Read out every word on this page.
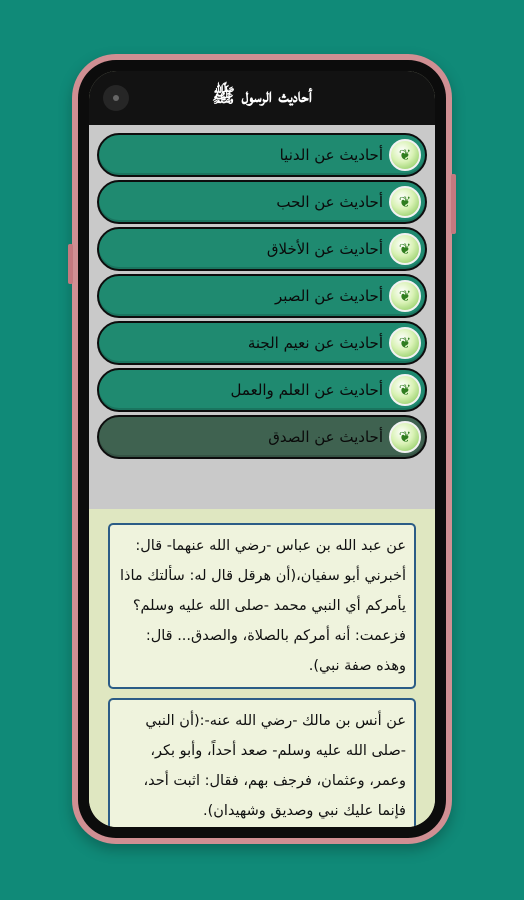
أحاديث الرسول ﷺ
❦
أحاديث عن الدنيا
❦
أحاديث عن الحب
❦
أحاديث عن الأخلاق
❦
أحاديث عن الصبر
❦
أحاديث عن نعيم الجنة
❦
أحاديث عن العلم والعمل
❦
أحاديث عن الصدق
عن عبد الله بن عباس -رضي الله عنهما- قال: أخبرني أبو سفيان،(أن هرقل قال له: سألتك ماذا يأمركم أي النبي محمد -صلى الله عليه وسلم؟ فزعمت: أنه أمركم بالصلاة، والصدق... قال: وهذه صفة نبي).
عن أنس بن مالك -رضي الله عنه-:(أن النبي -صلى الله عليه وسلم- صعد أحداً، وأبو بكر، وعمر، وعثمان، فرجف بهم، فقال: اثبت أحد، فإنما عليك نبي وصديق وشهيدان).
